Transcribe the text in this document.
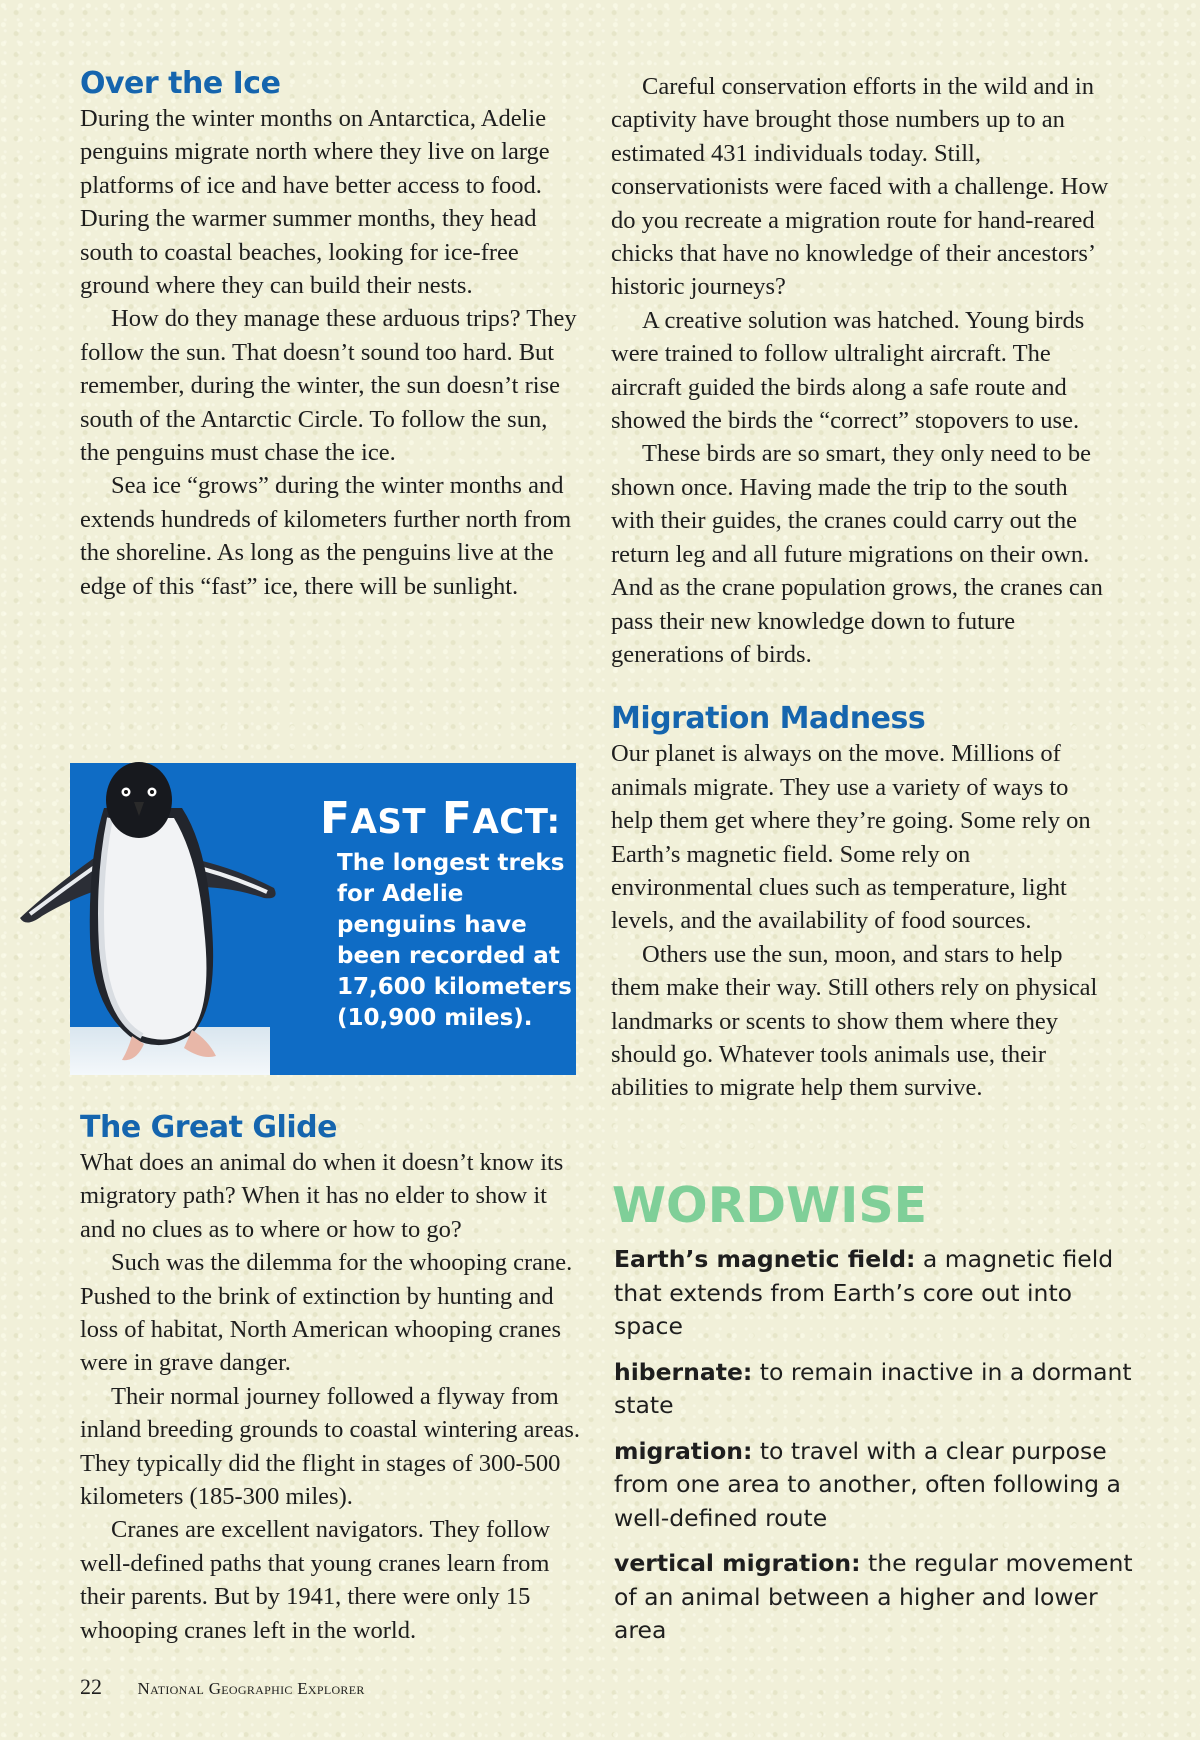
Over the Ice

During the winter months on Antarctica, Adelie penguins migrate north where they live on large platforms of ice and have better access to food. During the warmer summer months, they head south to coastal beaches, looking for ice-free ground where they can build their nests.

How do they manage these arduous trips? They follow the sun. That doesn’t sound too hard. But remember, during the winter, the sun doesn’t rise south of the Antarctic Circle. To follow the sun, the penguins must chase the ice.

Sea ice “grows” during the winter months and extends hundreds of kilometers further north from the shoreline. As long as the penguins live at the edge of this “fast” ice, there will be sunlight.

FAST FACT:
The longest treks for Adelie penguins have been recorded at 17,600 kilometers (10,900 miles).
The Great Glide

What does an animal do when it doesn’t know its migratory path? When it has no elder to show it and no clues as to where or how to go?

Such was the dilemma for the whooping crane. Pushed to the brink of extinction by hunting and loss of habitat, North American whooping cranes were in grave danger.

Their normal journey followed a flyway from inland breeding grounds to coastal wintering areas. They typically did the flight in stages of 300-500 kilometers (185-300 miles).

Cranes are excellent navigators. They follow well-defined paths that young cranes learn from their parents. But by 1941, there were only 15 whooping cranes left in the world.

Careful conservation efforts in the wild and in captivity have brought those numbers up to an estimated 431 individuals today. Still, conservationists were faced with a challenge. How do you recreate a migration route for hand-reared chicks that have no knowledge of their ancestors’ historic journeys?

A creative solution was hatched. Young birds were trained to follow ultralight aircraft. The aircraft guided the birds along a safe route and showed the birds the “correct” stopovers to use.

These birds are so smart, they only need to be shown once. Having made the trip to the south with their guides, the cranes could carry out the return leg and all future migrations on their own. And as the crane population grows, the cranes can pass their new knowledge down to future generations of birds.

Migration Madness

Our planet is always on the move. Millions of animals migrate. They use a variety of ways to help them get where they’re going. Some rely on Earth’s magnetic field. Some rely on environmental clues such as temperature, light levels, and the availability of food sources.

Others use the sun, moon, and stars to help them make their way. Still others rely on physical landmarks or scents to show them where they should go. Whatever tools animals use, their abilities to migrate help them survive.

WORDWISE
Earth’s magnetic field: a magnetic field that extends from Earth’s core out into space
hibernate: to remain inactive in a dormant state
migration: to travel with a clear purpose from one area to another, often following a well-defined route
vertical migration: the regular movement of an animal between a higher and lower area
22 National Geographic Explorer
